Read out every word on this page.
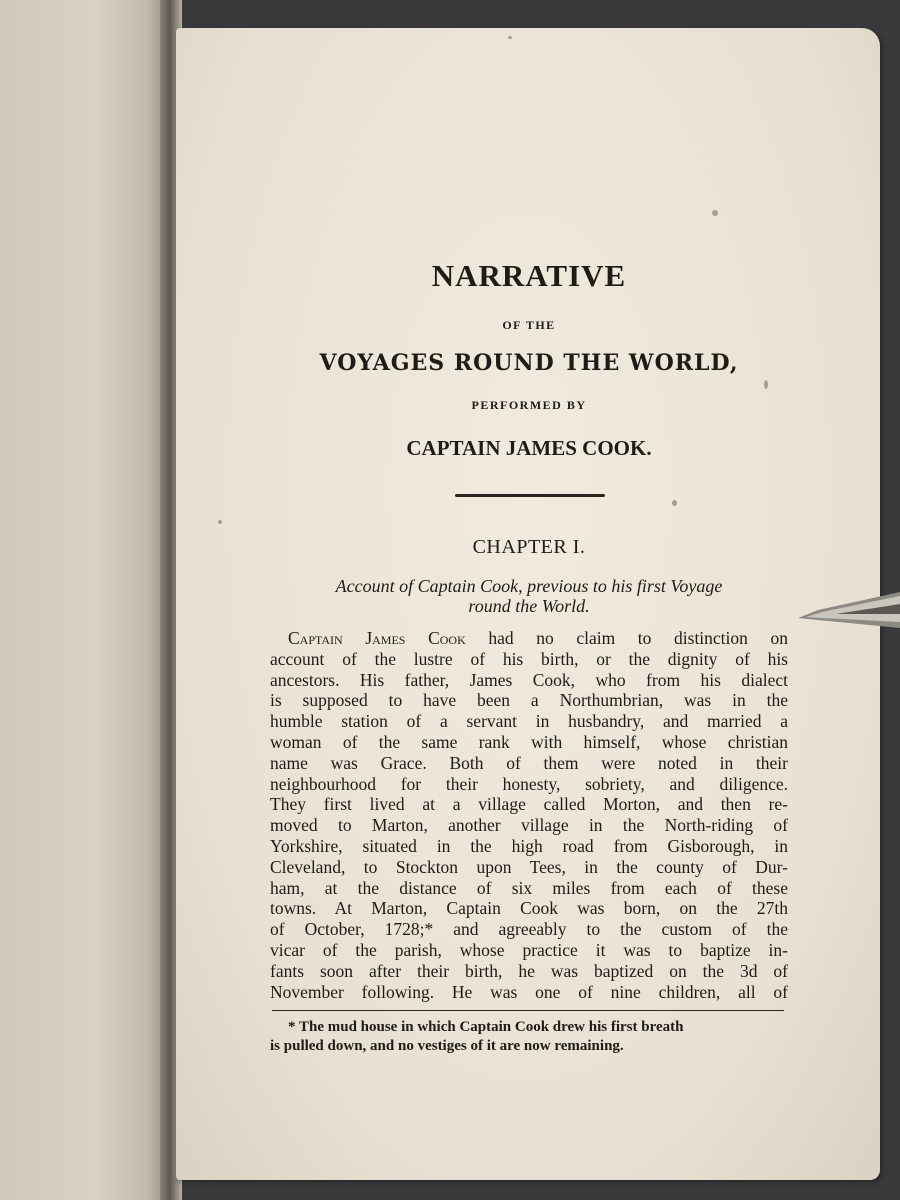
NARRATIVE
OF THE
VOYAGES ROUND THE WORLD,
PERFORMED BY
CAPTAIN JAMES COOK.
CHAPTER I.
Account of Captain Cook, previous to his first Voyage
round the World.
Captain James Cook had no claim to distinction on
account of the lustre of his birth, or the dignity of his
ancestors. His father, James Cook, who from his dialect
is supposed to have been a Northumbrian, was in the
humble station of a servant in husbandry, and married a
woman of the same rank with himself, whose christian
name was Grace. Both of them were noted in their
neighbourhood for their honesty, sobriety, and diligence.
They first lived at a village called Morton, and then re-
moved to Marton, another village in the North-riding of
Yorkshire, situated in the high road from Gisborough, in
Cleveland, to Stockton upon Tees, in the county of Dur-
ham, at the distance of six miles from each of these
towns. At Marton, Captain Cook was born, on the 27th
of October, 1728;* and agreeably to the custom of the
vicar of the parish, whose practice it was to baptize in-
fants soon after their birth, he was baptized on the 3d of
November following. He was one of nine children, all of
* The mud house in which Captain Cook drew his first breath
is pulled down, and no vestiges of it are now remaining.
